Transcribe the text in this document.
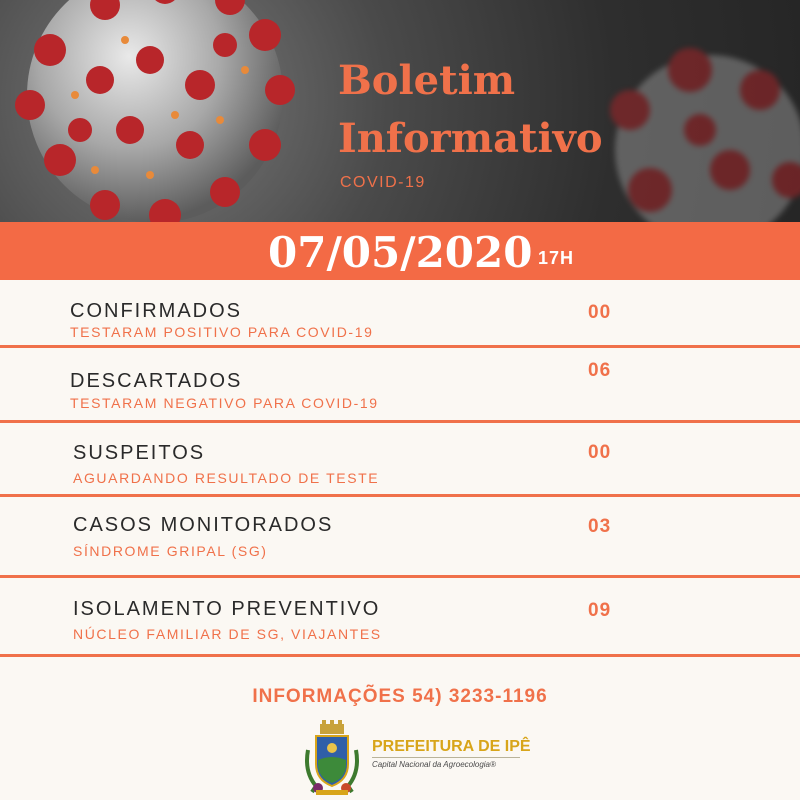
Boletim
Informativo
COVID-19
07/05/2020 17H
CONFIRMADOS
TESTARAM POSITIVO PARA COVID-19
00
DESCARTADOS
TESTARAM NEGATIVO PARA COVID-19
06
SUSPEITOS
AGUARDANDO RESULTADO DE TESTE
00
CASOS MONITORADOS
SÍNDROME GRIPAL (SG)
03
ISOLAMENTO PREVENTIVO
NÚCLEO FAMILIAR DE SG, VIAJANTES
09
INFORMAÇÕES 54) 3233-1196
PREFEITURA DE IPÊ
Capital Nacional da Agroecologia®
